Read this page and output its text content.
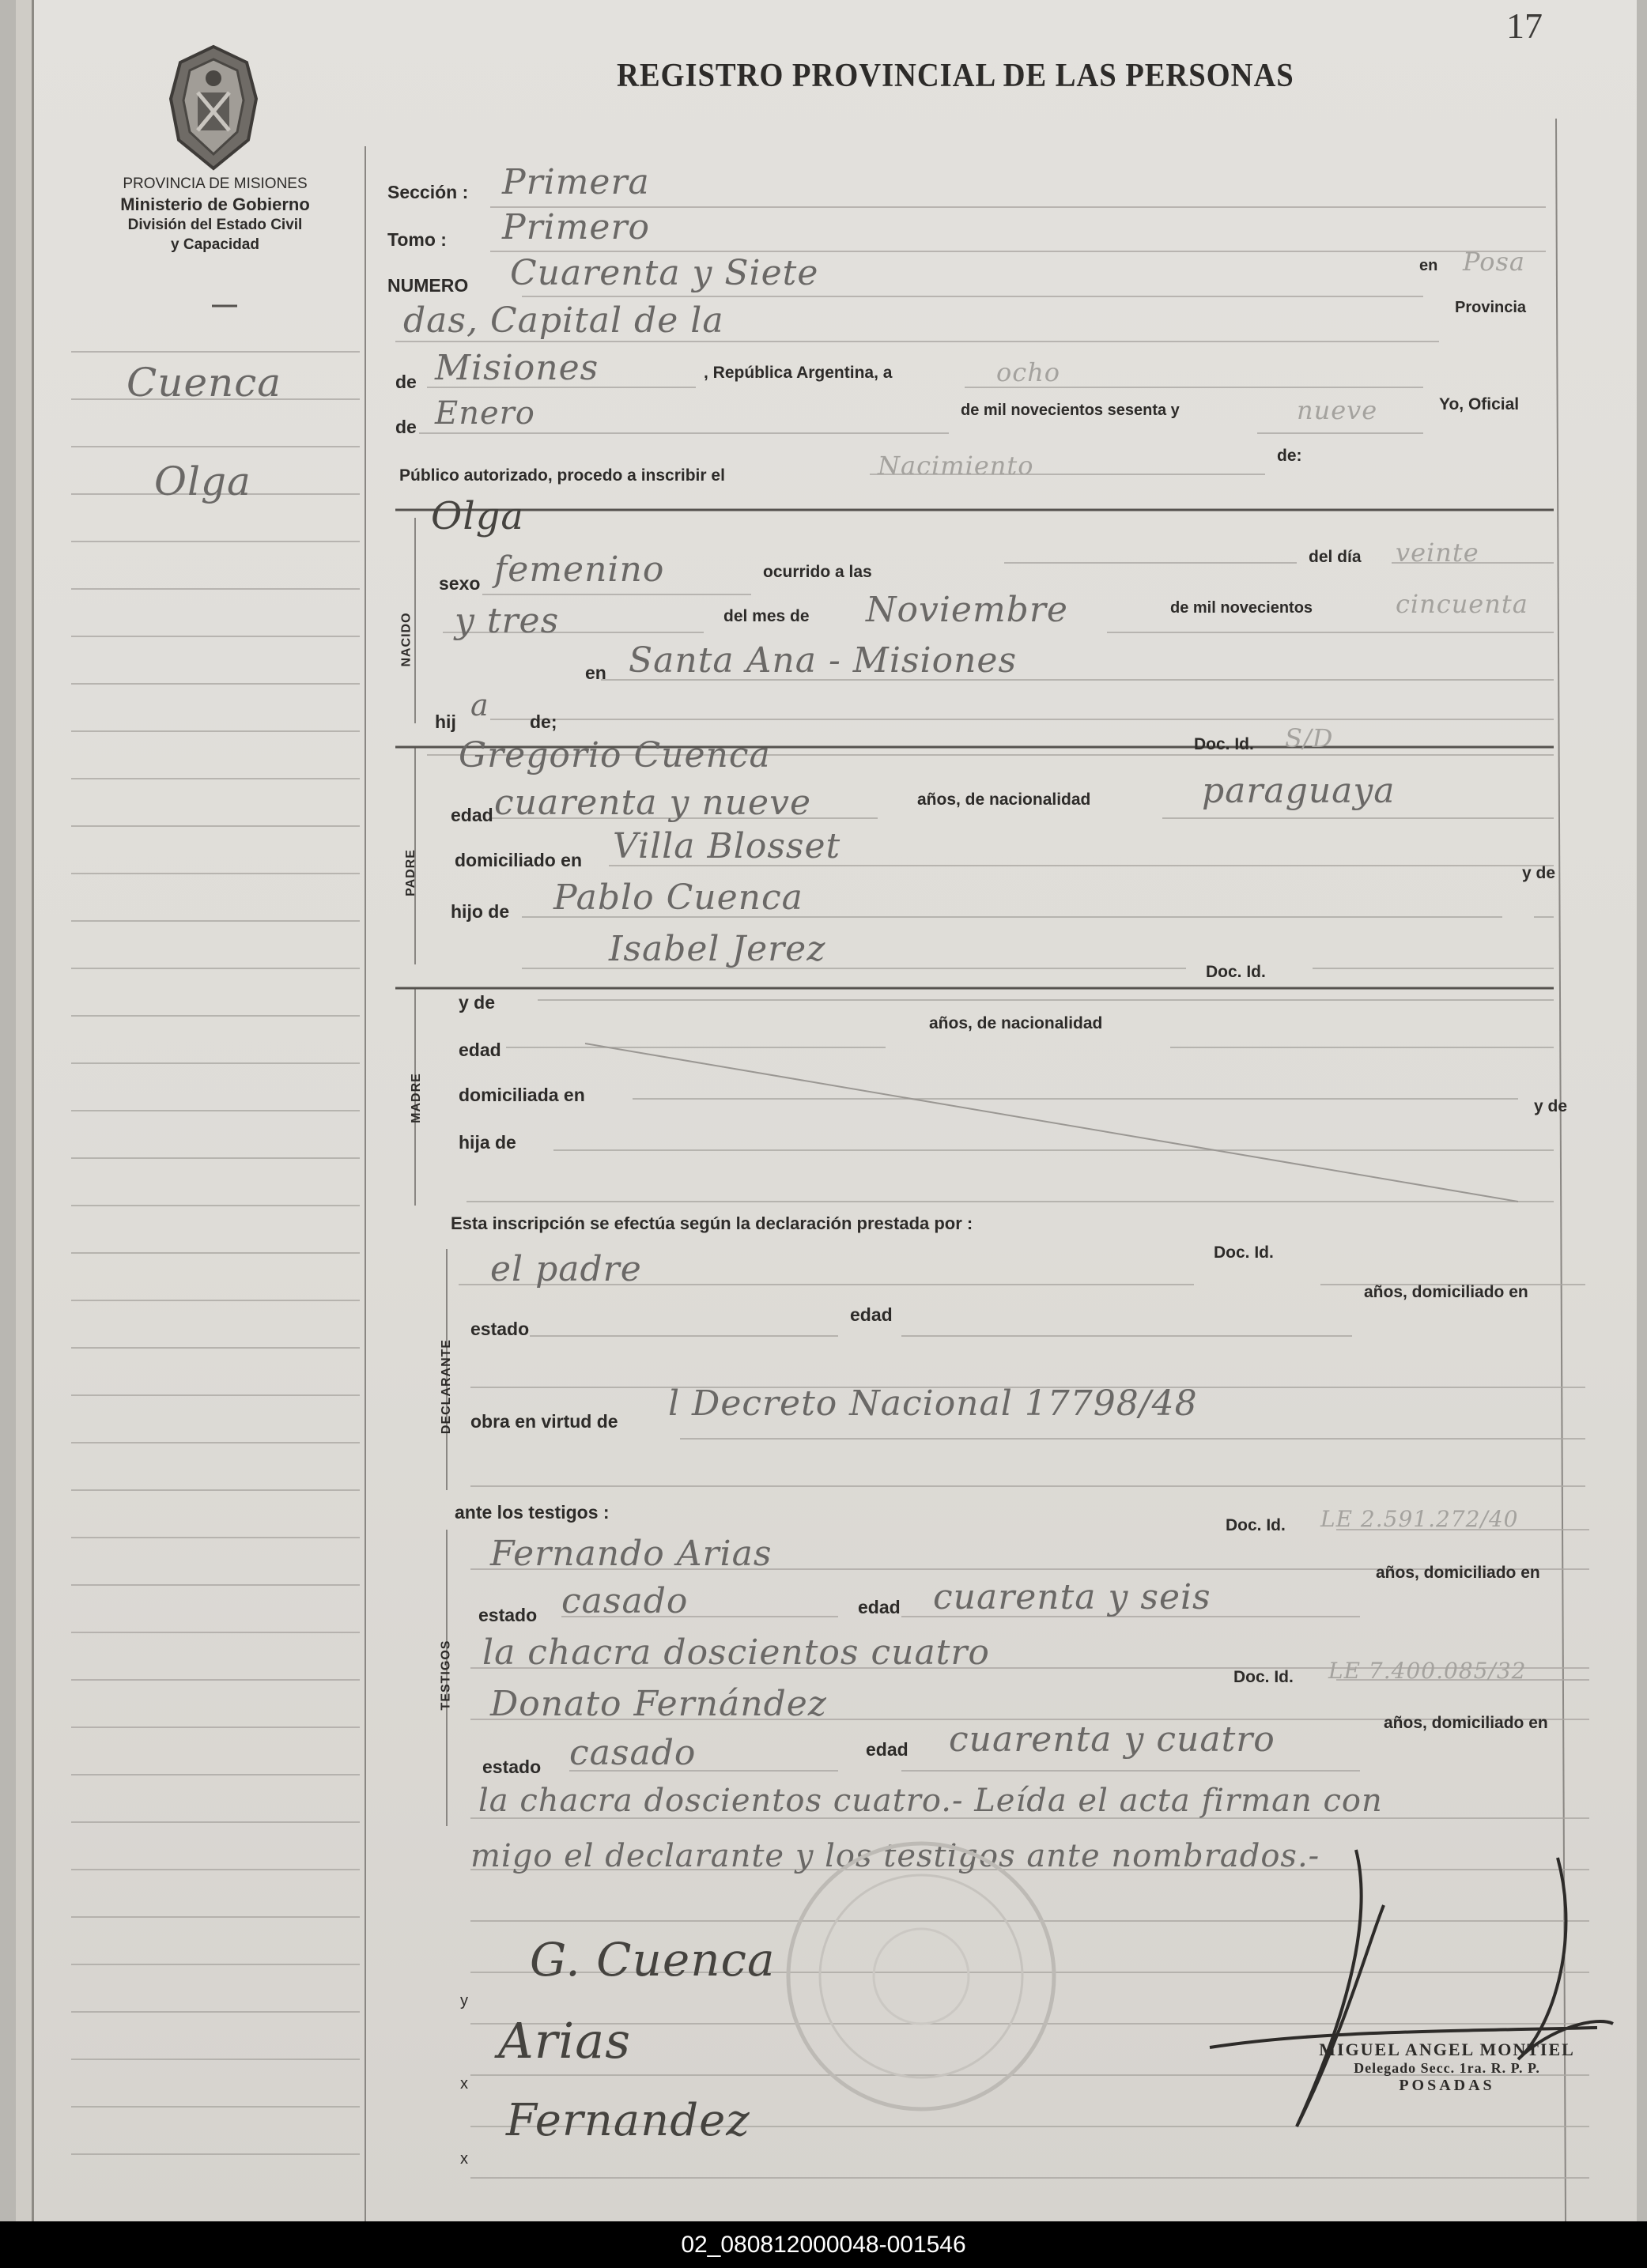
17
REGISTRO PROVINCIAL DE LAS PERSONAS
PROVINCIA DE MISIONES
Ministerio de Gobierno
División del Estado Civil
y Capacidad
Cuenca
Olga
Sección : Primera
Tomo : Primero
NUMERO Cuarenta y Siete	en Posa
das, Capital de la	Provincia
de Misiones	, República Argentina, a	ocho
de Enero	de mil novecientos sesenta y	nueve	Yo, Oficial
Público autorizado, procedo a inscribir el	Nacimiento	de:
NACIDO
Olga
sexo femenino	ocurrido a las
del día veinte
y tres	del mes de Noviembre	de mil novecientos	cincuenta
en Santa Ana - Misiones
hij a de;
PADRE
Gregorio Cuenca	Doc. Id. S/D
edad cuarenta y nueve	años, de nacionalidad	paraguaya
domiciliado en Villa Blosset
y de
hijo de Pablo Cuenca
Isabel Jerez
Doc. Id.
MADRE
y de
edad
años, de nacionalidad
domiciliada en
y de
hija de
Esta inscripción se efectúa según la declaración prestada por :
Doc. Id.
el padre
DECLARANTE
años, domiciliado en
estado
edad
obra en virtud de l Decreto Nacional 17798/48
ante los testigos :
Doc. Id. LE 2.591.272/40
Fernando Arias
TESTIGOS
años, domiciliado en
estado casado	edad cuarenta y seis
la chacra doscientos cuatro
Doc. Id. LE 7.400.085/32
Donato Fernández	años, domiciliado en
estado casado	edad cuarenta y cuatro
la chacra doscientos cuatro.- Leída el acta firman con
migo el declarante y los testigos ante nombrados.-
y
x
x
G. Cuenca
Arias
Fernandez
MIGUEL ANGEL MONTIEL
Delegado Secc. 1ra. R. P. P.
POSADAS
02_080812000048-001546
